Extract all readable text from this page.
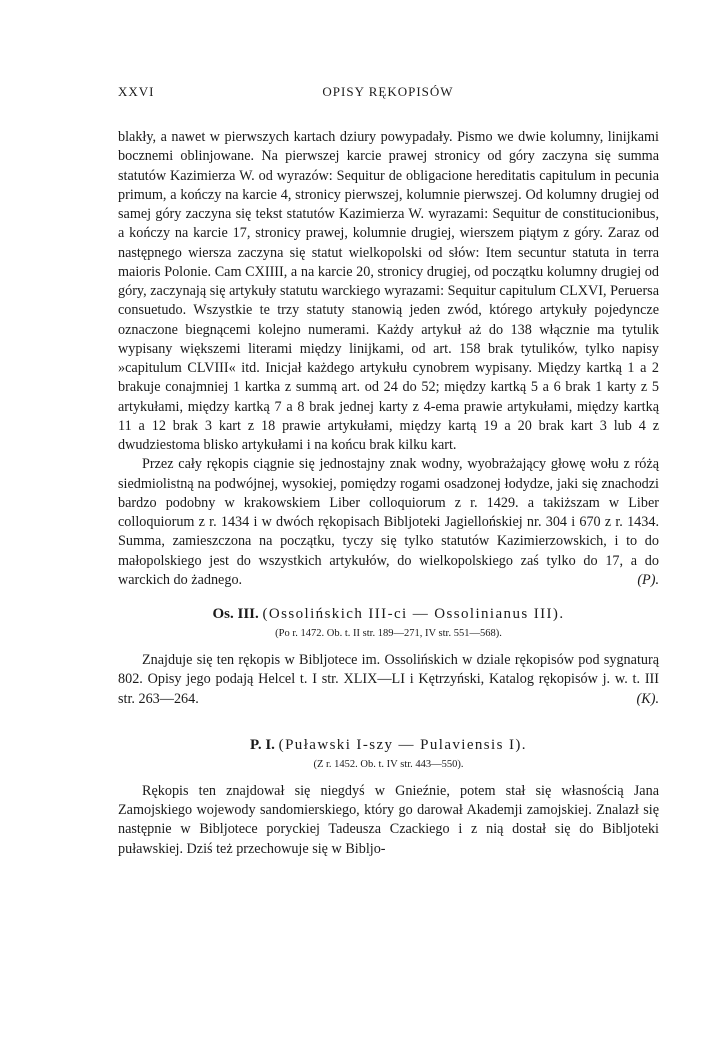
XXVI	OPISY RĘKOPISÓW

blakły, a nawet w pierwszych kartach dziury powypadały. Pismo we dwie kolumny, linijkami bocznemi oblinjowane. Na pierwszej karcie prawej stronicy od góry zaczyna się summa statutów Kazimierza W. od wyrazów: Sequitur de obligacione hereditatis capitulum in pecunia primum, a kończy na karcie 4, stronicy pierwszej, kolumnie pierwszej. Od kolumny drugiej od samej góry zaczyna się tekst statutów Kazimierza W. wyrazami: Sequitur de constitucionibus, a kończy na karcie 17, stronicy prawej, kolumnie drugiej, wierszem piątym z góry. Zaraz od następnego wiersza zaczyna się statut wielkopolski od słów: Item secuntur statuta in terra maioris Polonie. Cam CXIIII, a na karcie 20, stronicy drugiej, od początku kolumny drugiej od góry, zaczynają się artykuły statutu warckiego wyrazami: Sequitur capitulum CLXVI, Peruersa consuetudo. Wszystkie te trzy statuty stanowią jeden zwód, którego artykuły pojedyncze oznaczone biegnącemi kolejno numerami. Każdy artykuł aż do 138 włącznie ma tytulik wypisany większemi literami między linijkami, od art. 158 brak tytulików, tylko napisy »capitulum CLVIII« itd. Inicjał każdego artykułu cynobrem wypisany. Między kartką 1 a 2 brakuje conajmniej 1 kartka z summą art. od 24 do 52; między kartką 5 a 6 brak 1 karty z 5 artykułami, między kartką 7 a 8 brak jednej karty z 4-ema prawie artykułami, między kartką 11 a 12 brak 3 kart z 18 prawie artykułami, między kartą 19 a 20 brak kart 3 lub 4 z dwudziestoma blisko artykułami i na końcu brak kilku kart.

Przez cały rękopis ciągnie się jednostajny znak wodny, wyobrażający głowę wołu z różą siedmiolistną na podwójnej, wysokiej, pomiędzy rogami osadzonej łodydze, jaki się znachodzi bardzo podobny w krakowskiem Liber colloquiorum z r. 1429. a takiższam w Liber colloquiorum z r. 1434 i w dwóch rękopisach Bibljoteki Jagiellońskiej nr. 304 i 670 z r. 1434. Summa, zamieszczona na początku, tyczy się tylko statutów Kazimierzowskich, i to do małopolskiego jest do wszystkich artykułów, do wielkopolskiego zaś tylko do 17, a do warckich do żadnego.	(P).

Os. III. (Ossolińskich III-ci — Ossolinianus III).
(Po r. 1472. Ob. t. II str. 189—271, IV str. 551—568).

Znajduje się ten rękopis w Bibljotece im. Ossolińskich w dziale rękopisów pod sygnaturą 802. Opisy jego podają Helcel t. I str. XLIX—LI i Kętrzyński, Katalog rękopisów j. w. t. III str. 263—264.	(K).

P. I. (Puławski I-szy — Pulaviensis I).
(Z r. 1452. Ob. t. IV str. 443—550).

Rękopis ten znajdował się niegdyś w Gnieźnie, potem stał się własnością Jana Zamojskiego wojewody sandomierskiego, który go darował Akademji zamojskiej. Znalazł się następnie w Bibljotece poryckiej Tadeusza Czackiego i z nią dostał się do Bibljoteki puławskiej. Dziś też przechowuje się w Bibljo-
